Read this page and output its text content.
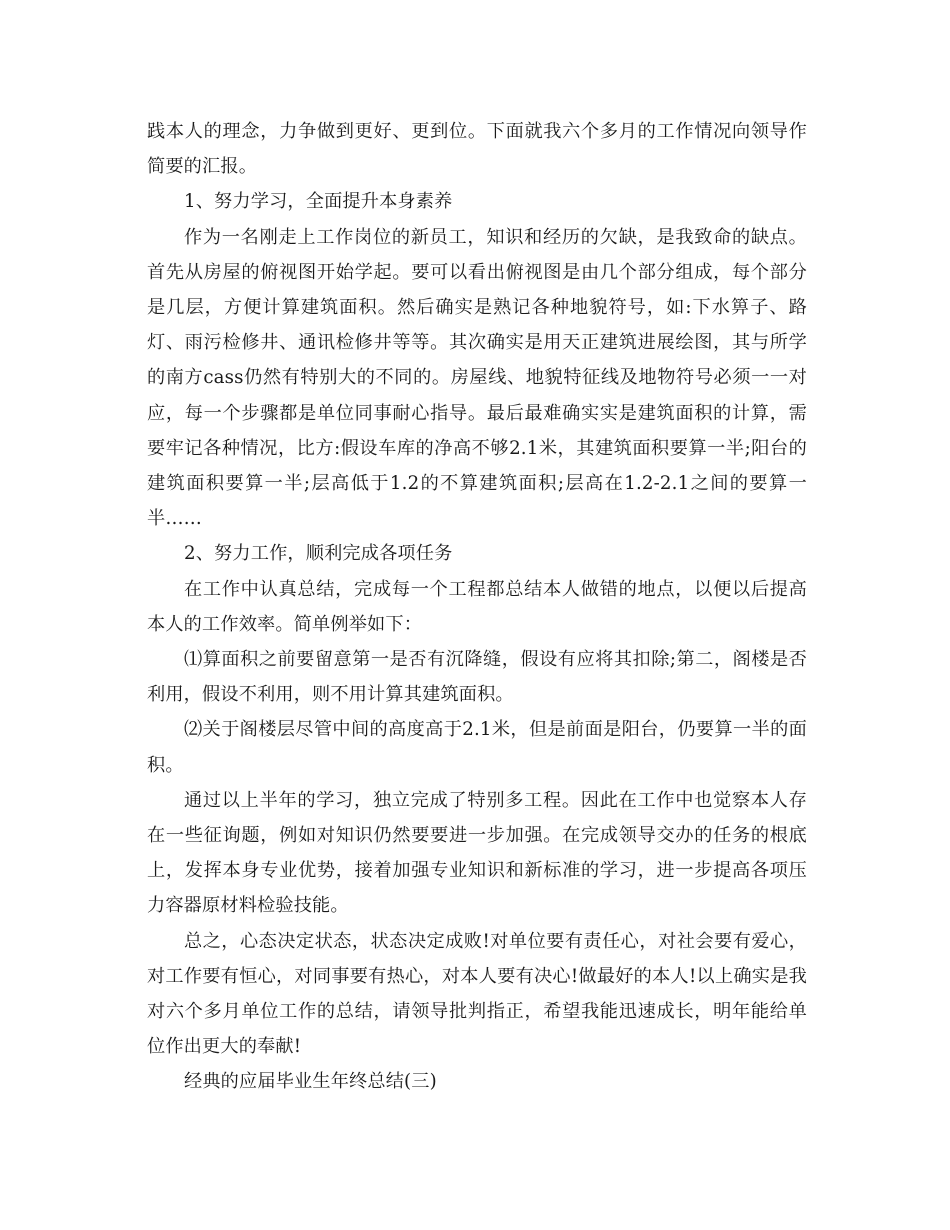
践本人的理念，力争做到更好、更到位。下面就我六个多月的工作情况向领导作简要的汇报。

1、努力学习，全面提升本身素养

作为一名刚走上工作岗位的新员工，知识和经历的欠缺，是我致命的缺点。首先从房屋的俯视图开始学起。要可以看出俯视图是由几个部分组成，每个部分是几层，方便计算建筑面积。然后确实是熟记各种地貌符号，如:下水箅子、路灯、雨污检修井、通讯检修井等等。其次确实是用天正建筑进展绘图，其与所学的南方cass仍然有特别大的不同的。房屋线、地貌特征线及地物符号必须一一对应，每一个步骤都是单位同事耐心指导。最后最难确实实是建筑面积的计算，需要牢记各种情况，比方:假设车库的净高不够2.1米，其建筑面积要算一半;阳台的建筑面积要算一半;层高低于1.2的不算建筑面积;层高在1.2-2.1之间的要算一半……

2、努力工作，顺利完成各项任务

在工作中认真总结，完成每一个工程都总结本人做错的地点，以便以后提高本人的工作效率。简单例举如下：

⑴算面积之前要留意第一是否有沉降缝，假设有应将其扣除;第二，阁楼是否利用，假设不利用，则不用计算其建筑面积。

⑵关于阁楼层尽管中间的高度高于2.1米，但是前面是阳台，仍要算一半的面积。

通过以上半年的学习，独立完成了特别多工程。因此在工作中也觉察本人存在一些征询题，例如对知识仍然要要进一步加强。在完成领导交办的任务的根底上，发挥本身专业优势，接着加强专业知识和新标准的学习，进一步提高各项压力容器原材料检验技能。

总之，心态决定状态，状态决定成败!对单位要有责任心，对社会要有爱心，对工作要有恒心，对同事要有热心，对本人要有决心!做最好的本人!以上确实是我对六个多月单位工作的总结，请领导批判指正，希望我能迅速成长，明年能给单位作出更大的奉献!

经典的应届毕业生年终总结(三)
